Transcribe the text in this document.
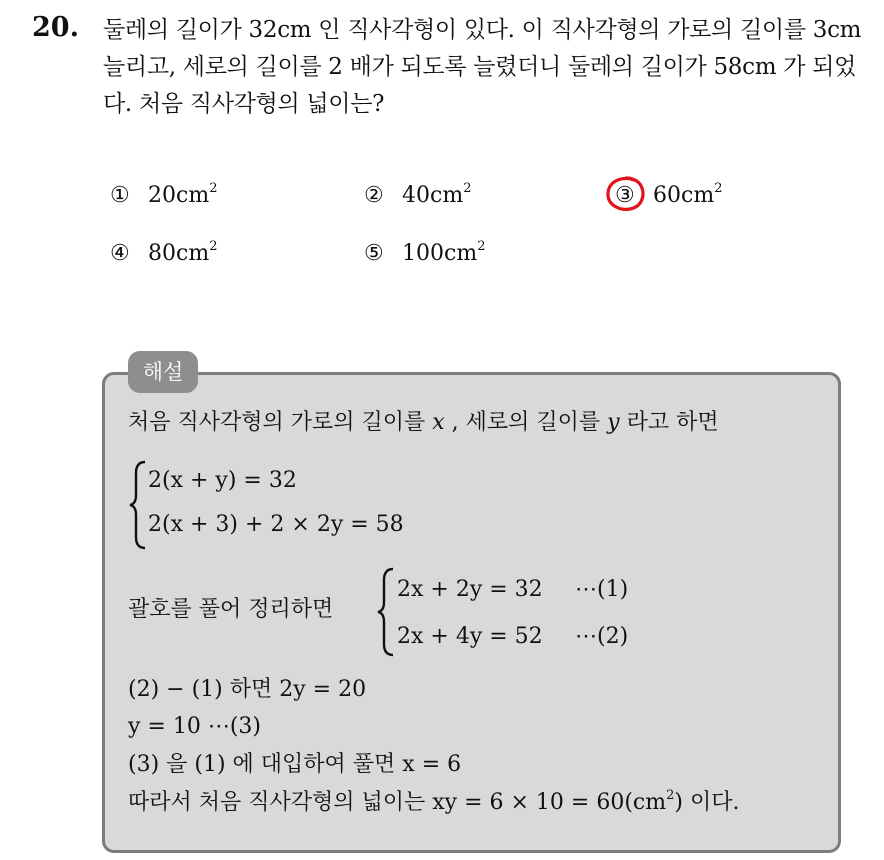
20. 둘레의 길이가 32cm 인 직사각형이 있다. 이 직사각형의 가로의 길이를 3cm 늘리고, 세로의 길이를 2 배가 되도록 늘렸더니 둘레의 길이가 58cm 가 되었다. 처음 직사각형의 넓이는?
① $20cm^2$	② $40cm^2$	③ $60cm^2$
④ $80cm^2$	⑤ $100cm^2$
해설
처음 직사각형의 가로의 길이를 x , 세로의 길이를 y 라고 하면
2(x + y) = 32
2(x + 3) + 2 × 2y = 58
괄호를 풀어 정리하면
2x + 2y = 32 ⋯(1)
2x + 4y = 52 ⋯(2)
(2) − (1) 하면 2y = 20
y = 10 ⋯(3)
(3) 을 (1) 에 대입하여 풀면 x = 6
따라서 처음 직사각형의 넓이는 xy = $6 \times 10 = 60(cm^2)$ 이다.
